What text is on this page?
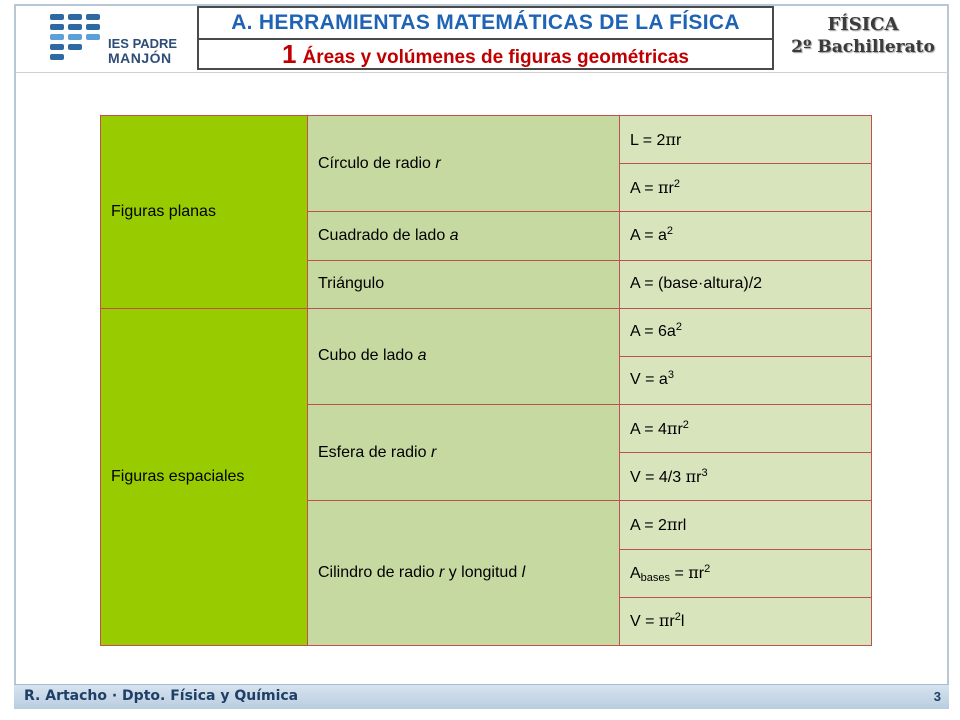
IES PADRE
MANJÓN
A. HERRAMIENTAS MATEMÁTICAS DE LA FÍSICA
1 Áreas y volúmenes de figuras geométricas
FÍSICA
2º Bachillerato
Figuras planas	Círculo de radio r	L = 2πr
		$A = \pi r^2$
	Cuadrado de lado a	$A = a^2$
	Triángulo	A = (base·altura)/2
Figuras espaciales	Cubo de lado a	$A = 6a^2$
		$V = a^3$
	Esfera de radio r	$A = 4\pi r^2$
		V = 4/3 $\pi r^3$
	Cilindro de radio r y longitud l	A = 2πrl
		$A_{bases} = \pi r^2$
		$V = \pi r^2l$
R. Artacho · Dpto. Física y Química	3
